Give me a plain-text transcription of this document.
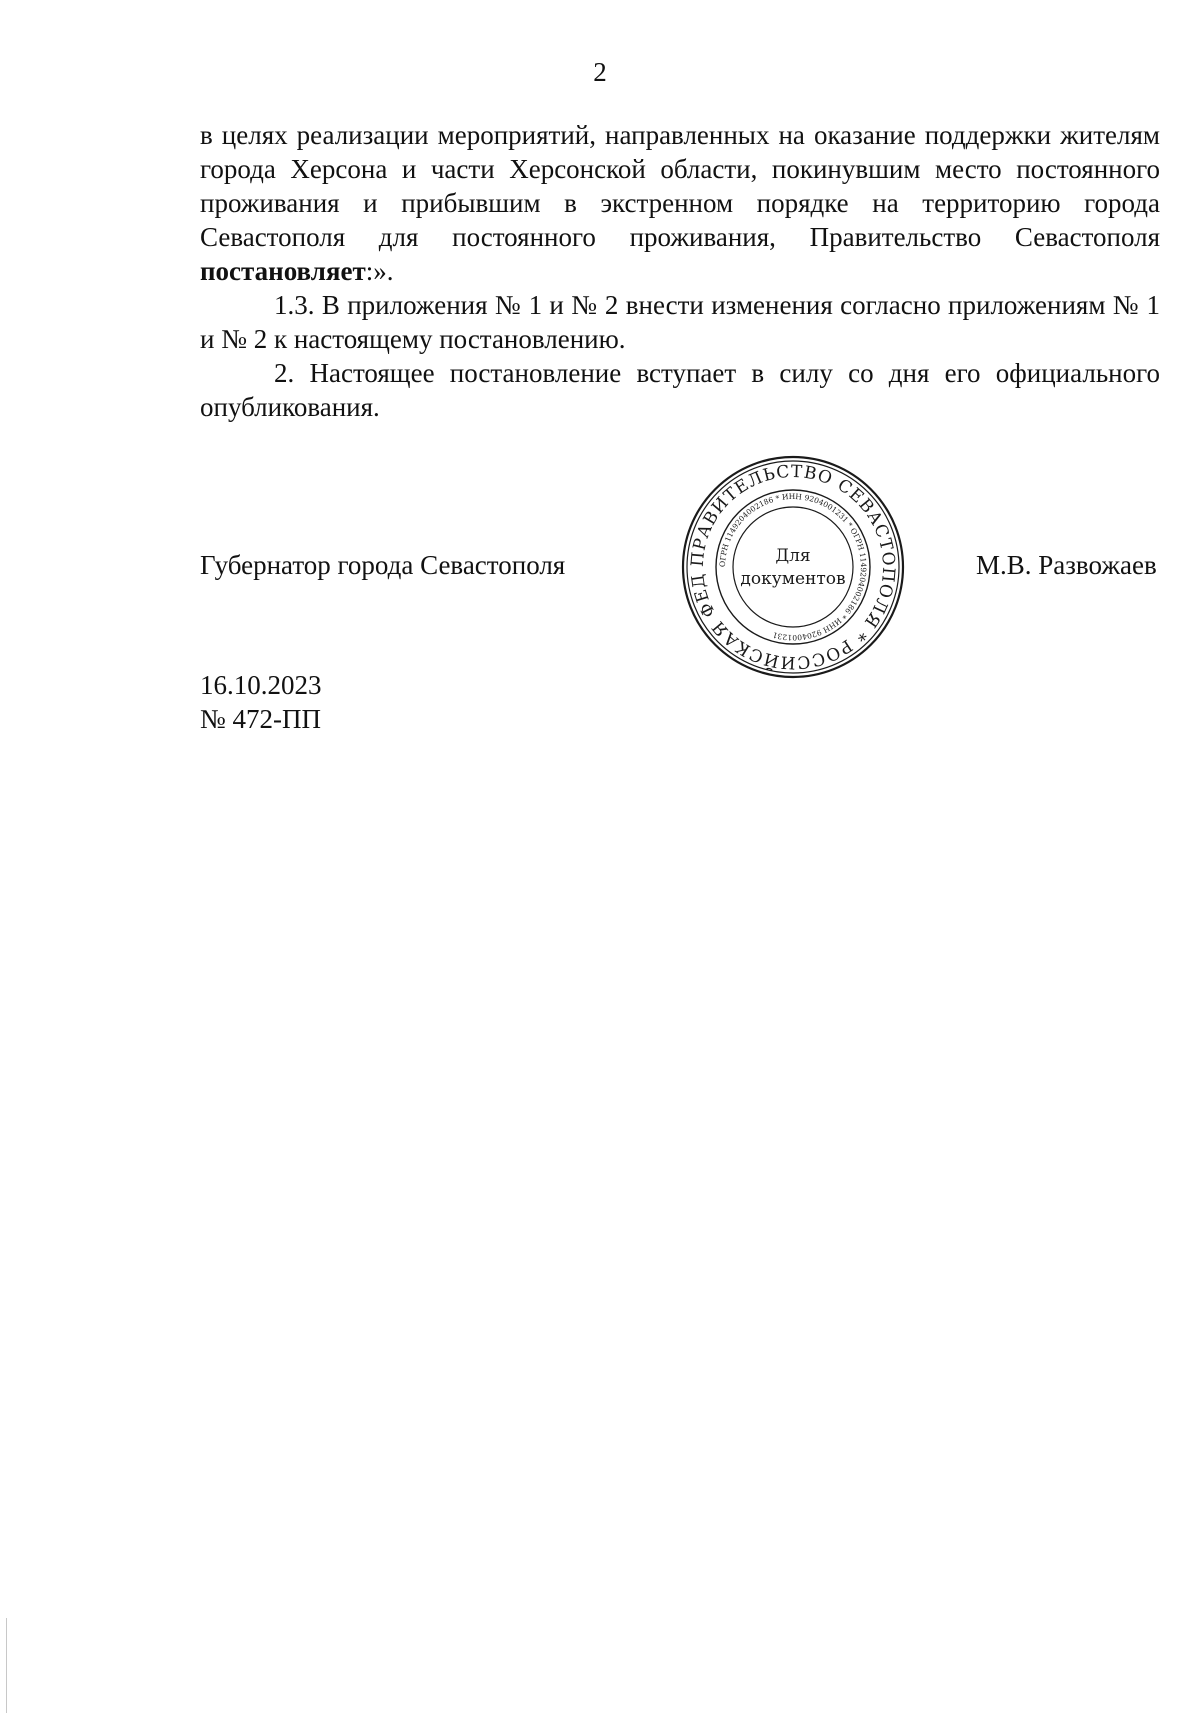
2

в целях реализации мероприятий, направленных на оказание поддержки жителям города Херсона и части Херсонской области, покинувшим место постоянного проживания и прибывшим в экстренном порядке на территорию города Севастополя для постоянного проживания, Правительство Севастополя постановляет:».

1.3. В приложения № 1 и № 2 внести изменения согласно приложениям № 1 и № 2 к настоящему постановлению.

2. Настоящее постановление вступает в силу со дня его официального опубликования.

Губернатор города Севастополя	ПРАВИТЕЛЬСТВО СЕВАСТОПОЛЯ * РОССИЙСКАЯ ФЕД
ОГРН 1149204002186 * ИНН 9204001231 * ОГРН 1149204002186 * ИНН 9204001231
Для
документов	М.В. Развожаев
16.10.2023
№ 472-ПП
